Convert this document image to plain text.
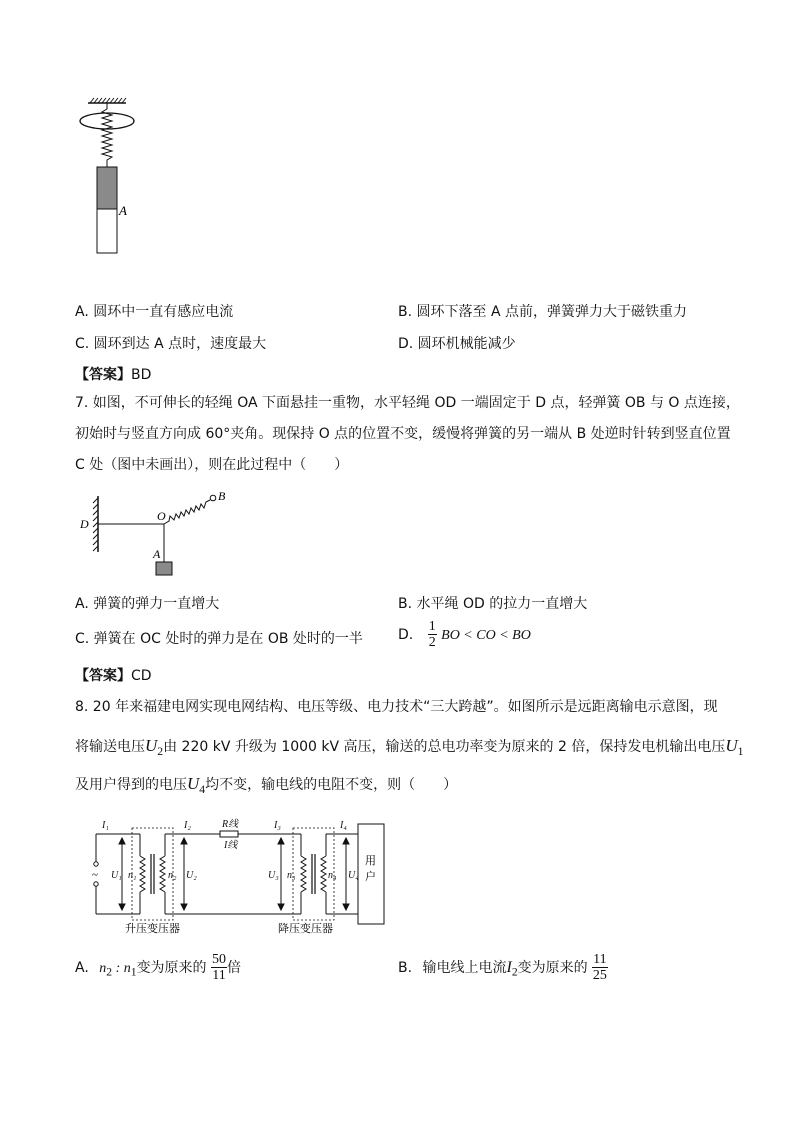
A
A. 圆环中一直有感应电流	B. 圆环下落至 A 点前，弹簧弹力大于磁铁重力
C. 圆环到达 A 点时，速度最大	D. 圆环机械能减少
【答案】BD
7. 如图，不可伸长的轻绳 OA 下面悬挂一重物，水平轻绳 OD 一端固定于 D 点，轻弹簧 OB 与 O 点连接，
初始时与竖直方向成 60°夹角。现保持 O 点的位置不变，缓慢将弹簧的另一端从 B 处逆时针转到竖直位置
C 处（图中未画出），则在此过程中（　　）
D
O
B
A
A. 弹簧的弹力一直增大	B. 水平绳 OD 的拉力一直增大
C. 弹簧在 OC 处时的弹力是在 OB 处时的一半	D. $\frac{1}{2}$ BO < CO < BO
【答案】CD
8. 20 年来福建电网实现电网结构、电压等级、电力技术“三大跨越”。如图所示是远距离输电示意图，现
将输送电压$U_2$由 220 kV 升级为 1000 kV 高压，输送的总电功率变为原来的 2 倍，保持发电机输出电压$U_1$
及用户得到的电压$U_4$均不变，输电线的电阻不变，则（　　）
I₁	I₂	R线
I线
I₃	I₄
U₁ n₁	n₂ U₂	U₃ n₃	n₄ U₄
~
用
户
升压变压器	降压变压器
A. $n_2$ : $n_1$变为原来的 $\frac{50}{11}$ 倍	B. 输电线上电流$I_2$变为原来的 $\frac{11}{25}$
